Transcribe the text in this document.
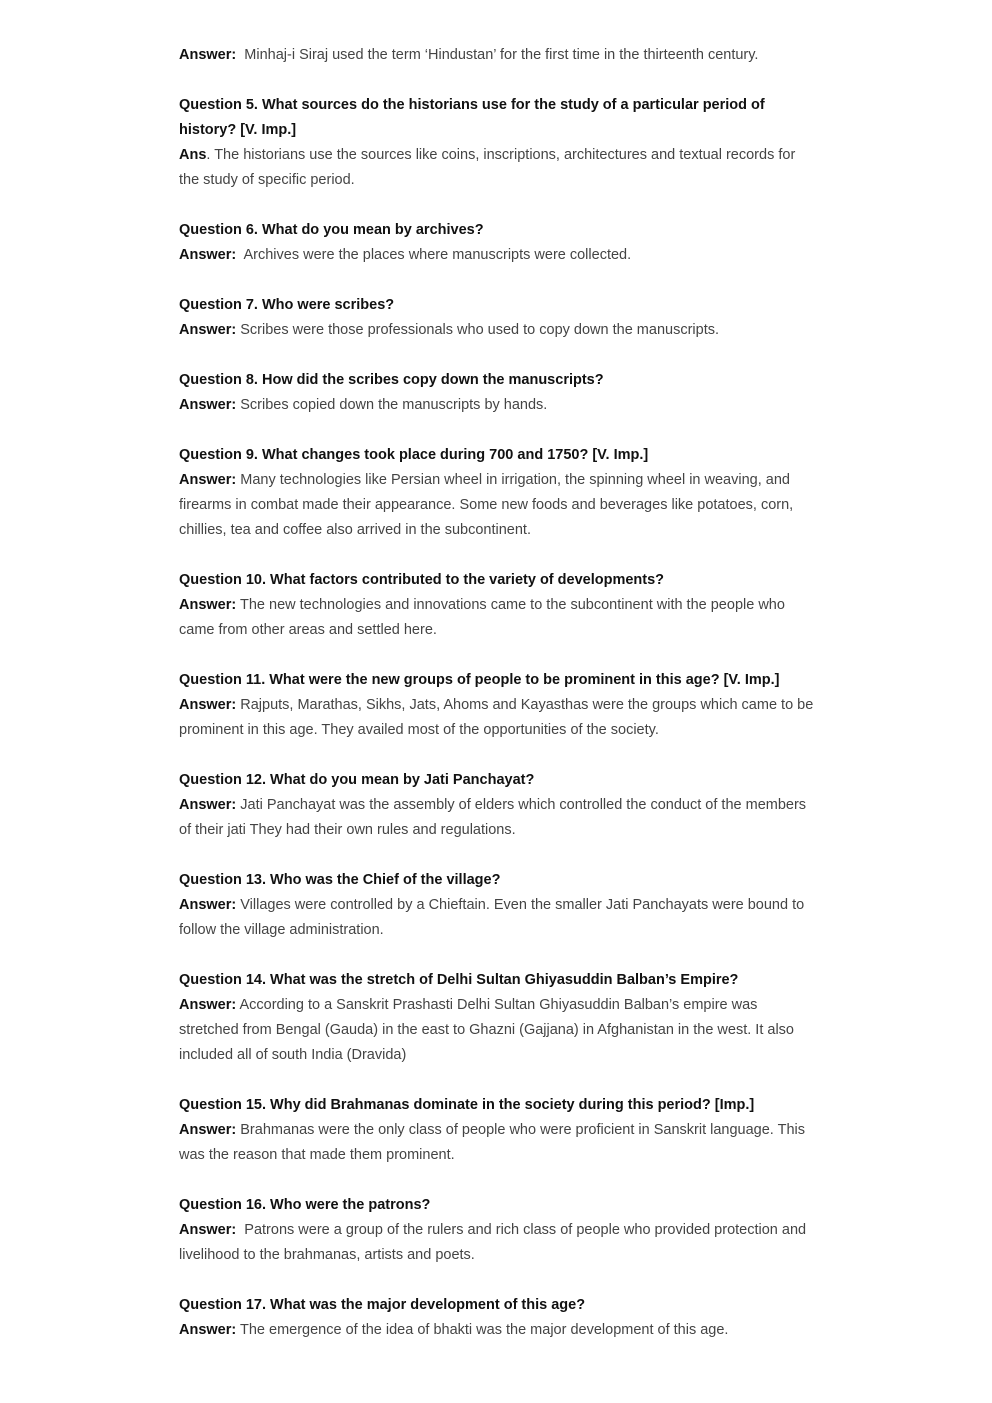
Answer: Minhaj-i Siraj used the term ‘Hindustan’ for the first time in the thirteenth century.
Question 5. What sources do the historians use for the study of a particular period of history? [V. Imp.]
Ans. The historians use the sources like coins, inscriptions, architectures and textual records for the study of specific period.
Question 6. What do you mean by archives?
Answer: Archives were the places where manuscripts were collected.
Question 7. Who were scribes?
Answer: Scribes were those professionals who used to copy down the manuscripts.
Question 8. How did the scribes copy down the manuscripts?
Answer: Scribes copied down the manuscripts by hands.
Question 9. What changes took place during 700 and 1750? [V. Imp.]
Answer: Many technologies like Persian wheel in irrigation, the spinning wheel in weaving, and firearms in combat made their appearance. Some new foods and beverages like potatoes, corn, chillies, tea and coffee also arrived in the subcontinent.
Question 10. What factors contributed to the variety of developments?
Answer: The new technologies and innovations came to the subcontinent with the people who came from other areas and settled here.
Question 11. What were the new groups of people to be prominent in this age? [V. Imp.]
Answer: Rajputs, Marathas, Sikhs, Jats, Ahoms and Kayasthas were the groups which came to be prominent in this age. They availed most of the opportunities of the society.
Question 12. What do you mean by Jati Panchayat?
Answer: Jati Panchayat was the assembly of elders which controlled the conduct of the members of their jati They had their own rules and regulations.
Question 13. Who was the Chief of the village?
Answer: Villages were controlled by a Chieftain. Even the smaller Jati Panchayats were bound to follow the village administration.
Question 14. What was the stretch of Delhi Sultan Ghiyasuddin Balban’s Empire?
Answer: According to a Sanskrit Prashasti Delhi Sultan Ghiyasuddin Balban’s empire was stretched from Bengal (Gauda) in the east to Ghazni (Gajjana) in Afghanistan in the west. It also included all of south India (Dravida)
Question 15. Why did Brahmanas dominate in the society during this period? [Imp.]
Answer: Brahmanas were the only class of people who were proficient in Sanskrit language. This was the reason that made them prominent.
Question 16. Who were the patrons?
Answer: Patrons were a group of the rulers and rich class of people who provided protection and livelihood to the brahmanas, artists and poets.
Question 17. What was the major development of this age?
Answer: The emergence of the idea of bhakti was the major development of this age.
